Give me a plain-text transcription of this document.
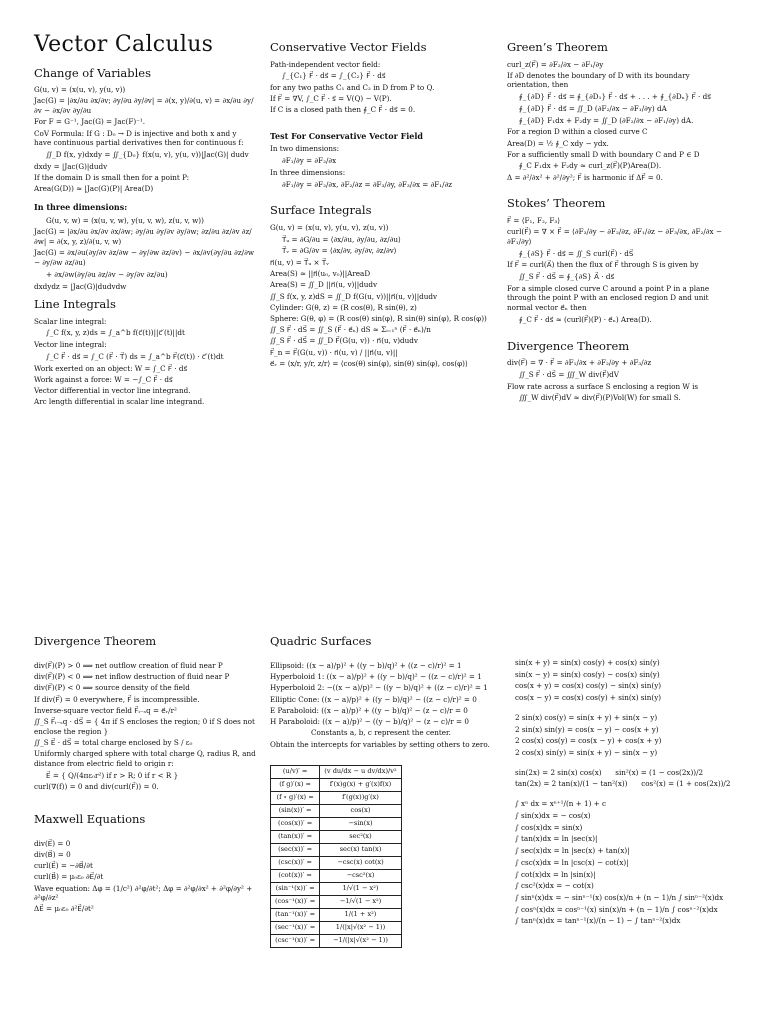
Vector Calculus
Change of Variables
G(u, v) = (x(u, v), y(u, v))
Jac(G) = |∂x/∂u ∂x/∂v; ∂y/∂u ∂y/∂v| = ∂(x, y)/∂(u, v) = ∂x/∂u ∂y/∂v − ∂x/∂v ∂y/∂u
For F = G⁻¹, Jac(G) = Jac(F)⁻¹.
CoV Formula: If G : D₀ → D is injective and both x and y have continuous partial derivatives then for continuous f:
∬_D f(x, y)dxdy = ∬_{D₀} f(x(u, v), y(u, v))|Jac(G)| dudv
dxdy = |Jac(G)|dudv
If the domain D is small then for a point P:
Area(G(D)) ≈ |Jac(G)(P)| Area(D)
In three dimensions:
G(u, v, w) = (x(u, v, w), y(u, v, w), z(u, v, w))
Jac(G) = |∂x/∂u ∂x/∂v ∂x/∂w; ∂y/∂u ∂y/∂v ∂y/∂w; ∂z/∂u ∂z/∂v ∂z/∂w| = ∂(x, y, z)/∂(u, v, w)
Jac(G) = ∂x/∂u(∂y/∂v ∂z/∂w − ∂y/∂w ∂z/∂v) − ∂x/∂v(∂y/∂u ∂z/∂w − ∂y/∂w ∂z/∂u)
+ ∂x/∂w(∂y/∂u ∂z/∂v − ∂y/∂v ∂z/∂u)
dxdydz = |Jac(G)|dudvdw
Line Integrals
Scalar line integral:
∫_C f(x, y, z)ds = ∫_a^b f(c⃗(t))||c⃗′(t)||dt
Vector line integral:
∫_C F⃗ · ds⃗ = ∫_C (F⃗ · T⃗) ds = ∫_a^b F⃗(c⃗(t)) · c⃗′(t)dt
Work exerted on an object: W = ∫_C F⃗ · ds⃗
Work against a force: W = −∫_C F⃗ · ds⃗
Vector differential in vector line integrand.
Arc length differential in scalar line integrand.
Conservative Vector Fields
Path-independent vector field:
∫_{C₁} F⃗ · ds⃗ = ∫_{C₂} F⃗ · ds⃗
for any two paths C₁ and C₂ in D from P to Q.
If F⃗ = ∇V, ∫_C F⃗ · s⃗ = V(Q) − V(P).
If C is a closed path then ∮_C F⃗ · ds⃗ = 0.
Test For Conservative Vector Field
In two dimensions:
∂F₁/∂y = ∂F₂/∂x
In three dimensions:
∂F₁/∂y = ∂F₂/∂x, ∂F₂/∂z = ∂F₃/∂y, ∂F₃/∂x = ∂F₁/∂z
Surface Integrals
G(u, v) = (x(u, v), y(u, v), z(u, v))
T⃗ᵤ = ∂G/∂u = ⟨∂x/∂u, ∂y/∂u, ∂z/∂u⟩
T⃗ᵥ = ∂G/∂v = ⟨∂x/∂v, ∂y/∂v, ∂z/∂v⟩
n⃗(u, v) = T⃗ᵤ × T⃗ᵥ
Area(S) ≈ ||n⃗(u₀, v₀)||AreaD
Area(S) = ∬_D ||n⃗(u, v)||dudv
∬_S f(x, y, z)dS = ∬_D f(G(u, v))||n⃗(u, v)||dudv
Cylinder: G(θ, z) = (R cos(θ), R sin(θ), z)
Sphere: G(θ, φ) = (R cos(θ) sin(φ), R sin(θ) sin(φ), R cos(φ))
∬_S F⃗ · dS⃗ = ∬_S (F⃗ · e⃗ₙ) dS ≈ Σᵢ₌₁ⁿ (F⃗ · e⃗ₙ)/n
∬_S F⃗ · dS⃗ = ∬_D F⃗(G(u, v)) · n⃗(u, v)dudv
F⃗_n = F⃗(G(u, v)) · n⃗(u, v) / ||n⃗(u, v)||
e⃗ᵣ = ⟨x/r, y/r, z/r⟩ = ⟨cos(θ) sin(φ), sin(θ) sin(φ), cos(φ)⟩
Green’s Theorem
curl_z(F⃗) = ∂F₂/∂x − ∂F₁/∂y
If ∂D denotes the boundary of D with its boundary orientation, then
∮_{∂D} F⃗ · ds⃗ = ∮_{∂D₁} F⃗ · ds⃗ + . . . + ∮_{∂Dₙ} F⃗ · ds⃗
∮_{∂D} F⃗ · ds⃗ = ∬_D (∂F₂/∂x − ∂F₁/∂y) dA
∮_{∂D} F₁dx + F₂dy = ∬_D (∂F₂/∂x − ∂F₁/∂y) dA.
For a region D within a closed curve C
Area(D) = ½ ∮_C xdy − ydx.
For a sufficiently small D with boundary C and P ∈ D
∮_C F₁dx + F₂dy ≈ curl_z(F⃗)(P)Area(D).
Δ = ∂²/∂x² + ∂²/∂y²; F⃗ is harmonic if ΔF⃗ = 0.
Stokes’ Theorem
F⃗ = ⟨F₁, F₂, F₃⟩
curl(F⃗) = ∇ × F⃗ = ⟨∂F₃/∂y − ∂F₂/∂z, ∂F₁/∂z − ∂F₃/∂x, ∂F₂/∂x − ∂F₁/∂y⟩
∮_{∂S} F⃗ · ds⃗ = ∬_S curl(F⃗) · dS⃗
If F⃗ = curl(A⃗) then the flux of F⃗ through S is given by
∬_S F⃗ · dS⃗ = ∮_{∂S} A⃗ · ds⃗
For a simple closed curve C around a point P in a plane through the point P with an enclosed region D and unit normal vector e⃗ₙ then
∮_C F⃗ · ds⃗ ≈ (curl(F⃗)(P) · e⃗ₙ) Area(D).
Divergence Theorem
div(F⃗) = ∇ · F⃗ = ∂F₁/∂x + ∂F₂/∂y + ∂F₃/∂z
∬_S F⃗ · dS⃗ = ∭_W div(F⃗)dV
Flow rate across a surface S enclosing a region W is
∭_W div(F⃗)dV ≈ div(F⃗)(P)Vol(W) for small S.
Divergence Theorem
div(F⃗)(P) > 0 ⟹ net outflow creation of fluid near P
div(F⃗)(P) < 0 ⟹ net inflow destruction of fluid near P
div(F⃗)(P) < 0 ⟹ source density of the field
If div(F⃗) = 0 everywhere, F⃗ is incompressible.
Inverse-square vector field F⃗ᵢ₋ₛq = e⃗ᵣ/r²
∬_S F⃗ᵢ₋ₛq · dS⃗ = { 4π if S encloses the region; 0 if S does not enclose the region }
∬_S E⃗ · dS⃗ = total charge enclosed by S / ε₀
Uniformly charged sphere with total charge Q, radius R, and distance from electric field to origin r:
E⃗ = { Q/(4πε₀r²) if r > R; 0 if r < R }
curl(∇(f)) = 0 and div(curl(F⃗)) = 0.
Maxwell Equations
div(E⃗) = 0
div(B⃗) = 0
curl(E⃗) = −∂B⃗/∂t
curl(B⃗) = μ₀ε₀ ∂E⃗/∂t
Wave equation: Δφ = (1/c²) ∂²φ/∂t²; Δφ = ∂²φ/∂x² + ∂²φ/∂y² + ∂²φ/∂z²
ΔE⃗ = μ₀ε₀ ∂²E⃗/∂t²
Quadric Surfaces
Ellipsoid: ((x − a)/p)² + ((y − b)/q)² + ((z − c)/r)² = 1
Hyperboloid 1: ((x − a)/p)² + ((y − b)/q)² − ((z − c)/r)² = 1
Hyperboloid 2: −((x − a)/p)² − ((y − b)/q)² + ((z − c)/r)² = 1
Elliptic Cone: ((x − a)/p)² + ((y − b)/q)² − ((z − c)/r)² = 0
E Paraboloid: ((x − a)/p)² + ((y − b)/q)² − (z − c)/r = 0
H Paraboloid: ((x − a)/p)² − ((y − b)/q)² − (z − c)/r = 0
Constants a, b, c represent the center.
Obtain the intercepts for variables by setting others to zero.
(u/v)′ =	(v du/dx − u dv/dx)/v²
(f g)′(x) =	f′(x)g(x) + g′(x)f(x)
(f ∘ g)′(x) =	f′(g(x))g′(x)
(sin(x))′ =	cos(x)
(cos(x))′ =	−sin(x)
(tan(x))′ =	sec²(x)
(sec(x))′ =	sec(x) tan(x)
(csc(x))′ =	−csc(x) cot(x)
(cot(x))′ =	−csc²(x)
(sin⁻¹(x))′ =	1/√(1 − x²)
(cos⁻¹(x))′ =	−1/√(1 − x²)
(tan⁻¹(x))′ =	1/(1 + x²)
(sec⁻¹(x))′ =	1/(|x|√(x² − 1))
(csc⁻¹(x))′ =	−1/(|x|√(x² − 1))
sin(x + y) = sin(x) cos(y) + cos(x) sin(y)
sin(x − y) = sin(x) cos(y) − cos(x) sin(y)
cos(x + y) = cos(x) cos(y) − sin(x) sin(y)
cos(x − y) = cos(x) cos(y) + sin(x) sin(y)
2 sin(x) cos(y) = sin(x + y) + sin(x − y)
2 sin(x) sin(y) = cos(x − y) − cos(x + y)
2 cos(x) cos(y) = cos(x − y) + cos(x + y)
2 cos(x) sin(y) = sin(x + y) − sin(x − y)
sin(2x) = 2 sin(x) cos(x)      sin²(x) = (1 − cos(2x))/2
tan(2x) = 2 tan(x)/(1 − tan²(x))      cos²(x) = (1 + cos(2x))/2
∫ xⁿ dx = xⁿ⁺¹/(n + 1) + c
∫ sin(x)dx = − cos(x)
∫ cos(x)dx = sin(x)
∫ tan(x)dx = ln |sec(x)|
∫ sec(x)dx = ln |sec(x) + tan(x)|
∫ csc(x)dx = ln |csc(x) − cot(x)|
∫ cot(x)dx = ln |sin(x)|
∫ csc²(x)dx = − cot(x)
∫ sinⁿ(x)dx = − sinⁿ⁻¹(x) cos(x)/n + (n − 1)/n ∫ sinⁿ⁻²(x)dx
∫ cosⁿ(x)dx = cosⁿ⁻¹(x) sin(x)/n + (n − 1)/n ∫ cosⁿ⁻²(x)dx
∫ tanⁿ(x)dx = tanⁿ⁻¹(x)/(n − 1) − ∫ tanⁿ⁻²(x)dx
